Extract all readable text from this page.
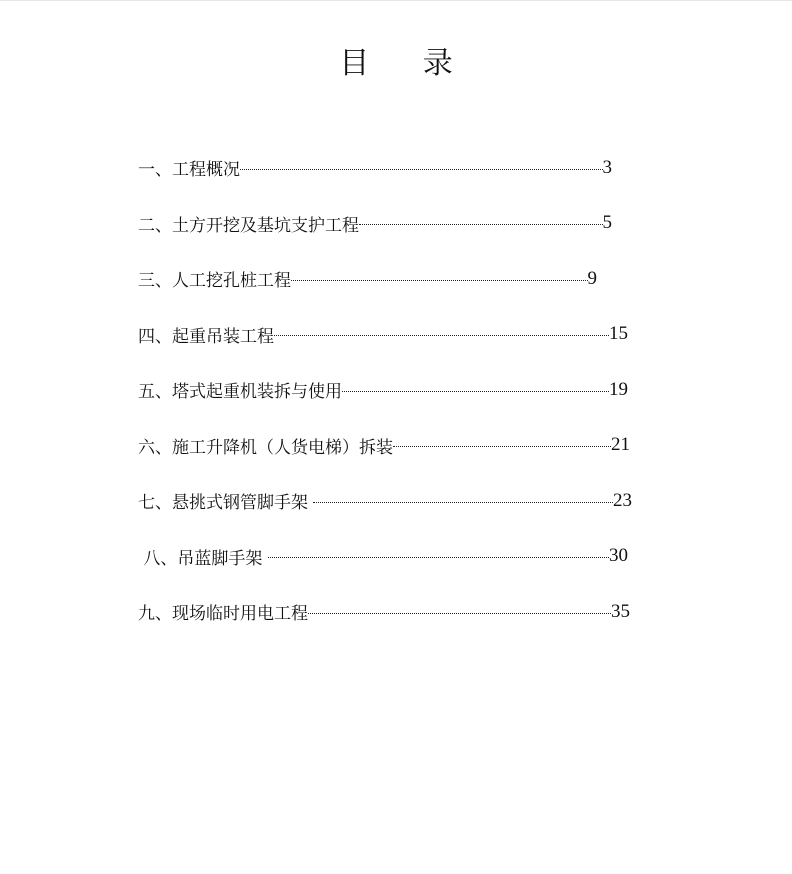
目 录
一、工程概况	3
二、土方开挖及基坑支护工程	5
三、人工挖孔桩工程	9
四、起重吊装工程	15
五、塔式起重机装拆与使用	19
六、施工升降机（人货电梯）拆装	21
七、悬挑式钢管脚手架	23
八、吊蓝脚手架	30
九、现场临时用电工程	35
